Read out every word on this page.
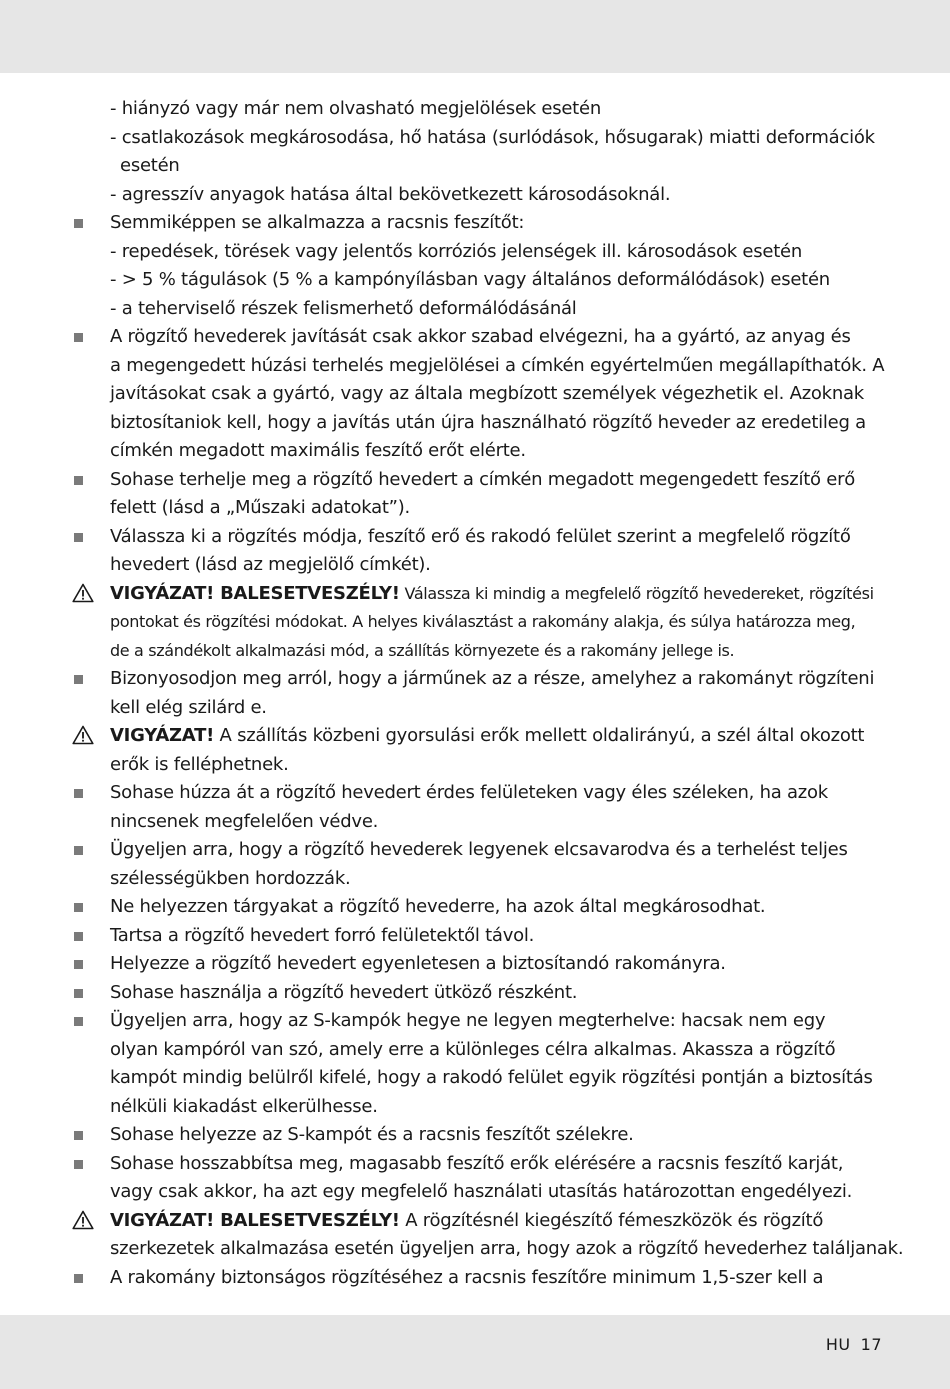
- hiányzó vagy már nem olvasható megjelölések esetén
- csatlakozások megkárosodása, hő hatása (surlódások, hősugarak) miatti deformációk
esetén
- agresszív anyagok hatása által bekövetkezett károsodásoknál.
Semmiképpen se alkalmazza a racsnis feszítőt:
- repedések, törések vagy jelentős korróziós jelenségek ill. károsodások esetén
- > 5 % tágulások (5 % a kampónyílásban vagy általános deformálódások) esetén
- a teherviselő részek felismerhető deformálódásánál
A rögzítő hevederek javítását csak akkor szabad elvégezni, ha a gyártó, az anyag és
a megengedett húzási terhelés megjelölései a címkén egyértelműen megállapíthatók. A
javításokat csak a gyártó, vagy az általa megbízott személyek végezhetik el. Azoknak
biztosítaniok kell, hogy a javítás után újra használható rögzítő heveder az eredetileg a
címkén megadott maximális feszítő erőt elérte.
Sohase terhelje meg a rögzítő hevedert a címkén megadott megengedett feszítő erő
felett (lásd a „Műszaki adatokat”).
Válassza ki a rögzítés módja, feszítő erő és rakodó felület szerint a megfelelő rögzítő
hevedert (lásd az megjelölő címkét).
VIGYÁZAT! BALESETVESZÉLY! Válassza ki mindig a megfelelő rögzítő hevedereket, rögzítési
pontokat és rögzítési módokat. A helyes kiválasztást a rakomány alakja, és súlya határozza meg,
de a szándékolt alkalmazási mód, a szállítás környezete és a rakomány jellege is.
Bizonyosodjon meg arról, hogy a járműnek az a része, amelyhez a rakományt rögzíteni
kell elég szilárd e.
VIGYÁZAT! A szállítás közbeni gyorsulási erők mellett oldalirányú, a szél által okozott
erők is felléphetnek.
Sohase húzza át a rögzítő hevedert érdes felületeken vagy éles széleken, ha azok
nincsenek megfelelően védve.
Ügyeljen arra, hogy a rögzítő hevederek legyenek elcsavarodva és a terhelést teljes
szélességükben hordozzák.
Ne helyezzen tárgyakat a rögzítő hevederre, ha azok által megkárosodhat.
Tartsa a rögzítő hevedert forró felületektől távol.
Helyezze a rögzítő hevedert egyenletesen a biztosítandó rakományra.
Sohase használja a rögzítő hevedert ütköző részként.
Ügyeljen arra, hogy az S-kampók hegye ne legyen megterhelve: hacsak nem egy
olyan kampóról van szó, amely erre a különleges célra alkalmas. Akassza a rögzítő
kampót mindig belülről kifelé, hogy a rakodó felület egyik rögzítési pontján a biztosítás
nélküli kiakadást elkerülhesse.
Sohase helyezze az S-kampót és a racsnis feszítőt szélekre.
Sohase hosszabbítsa meg, magasabb feszítő erők elérésére a racsnis feszítő karját,
vagy csak akkor, ha azt egy megfelelő használati utasítás határozottan engedélyezi.
VIGYÁZAT! BALESETVESZÉLY! A rögzítésnél kiegészítő fémeszközök és rögzítő
szerkezetek alkalmazása esetén ügyeljen arra, hogy azok a rögzítő hevederhez találjanak.
A rakomány biztonságos rögzítéséhez a racsnis feszítőre minimum 1,5-szer kell a
HU 17
